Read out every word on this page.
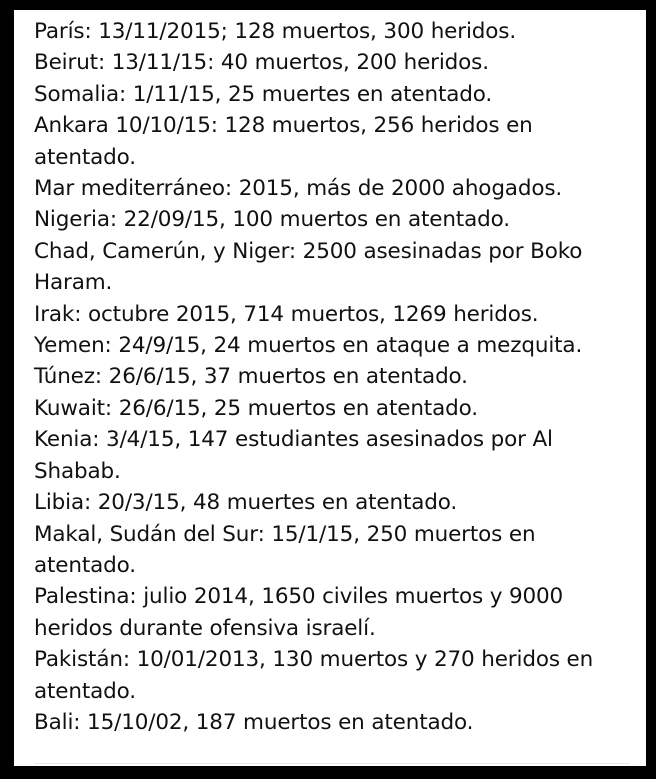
París: 13/11/2015; 128 muertos, 300 heridos.
Beirut: 13/11/15: 40 muertos, 200 heridos.
Somalia: 1/11/15, 25 muertes en atentado.
Ankara 10/10/15: 128 muertos, 256 heridos en atentado.
Mar mediterráneo: 2015, más de 2000 ahogados.
Nigeria: 22/09/15, 100 muertos en atentado.
Chad, Camerún, y Niger: 2500 asesinadas por Boko Haram.
Irak: octubre 2015, 714 muertos, 1269 heridos.
Yemen: 24/9/15, 24 muertos en ataque a mezquita.
Túnez: 26/6/15, 37 muertos en atentado.
Kuwait: 26/6/15, 25 muertos en atentado.
Kenia: 3/4/15, 147 estudiantes asesinados por Al Shabab.
Libia: 20/3/15, 48 muertes en atentado.
Makal, Sudán del Sur: 15/1/15, 250 muertos en atentado.
Palestina: julio 2014, 1650 civiles muertos y 9000 heridos durante ofensiva israelí.
Pakistán: 10/01/2013, 130 muertos y 270 heridos en atentado.
Bali: 15/10/02, 187 muertos en atentado.
